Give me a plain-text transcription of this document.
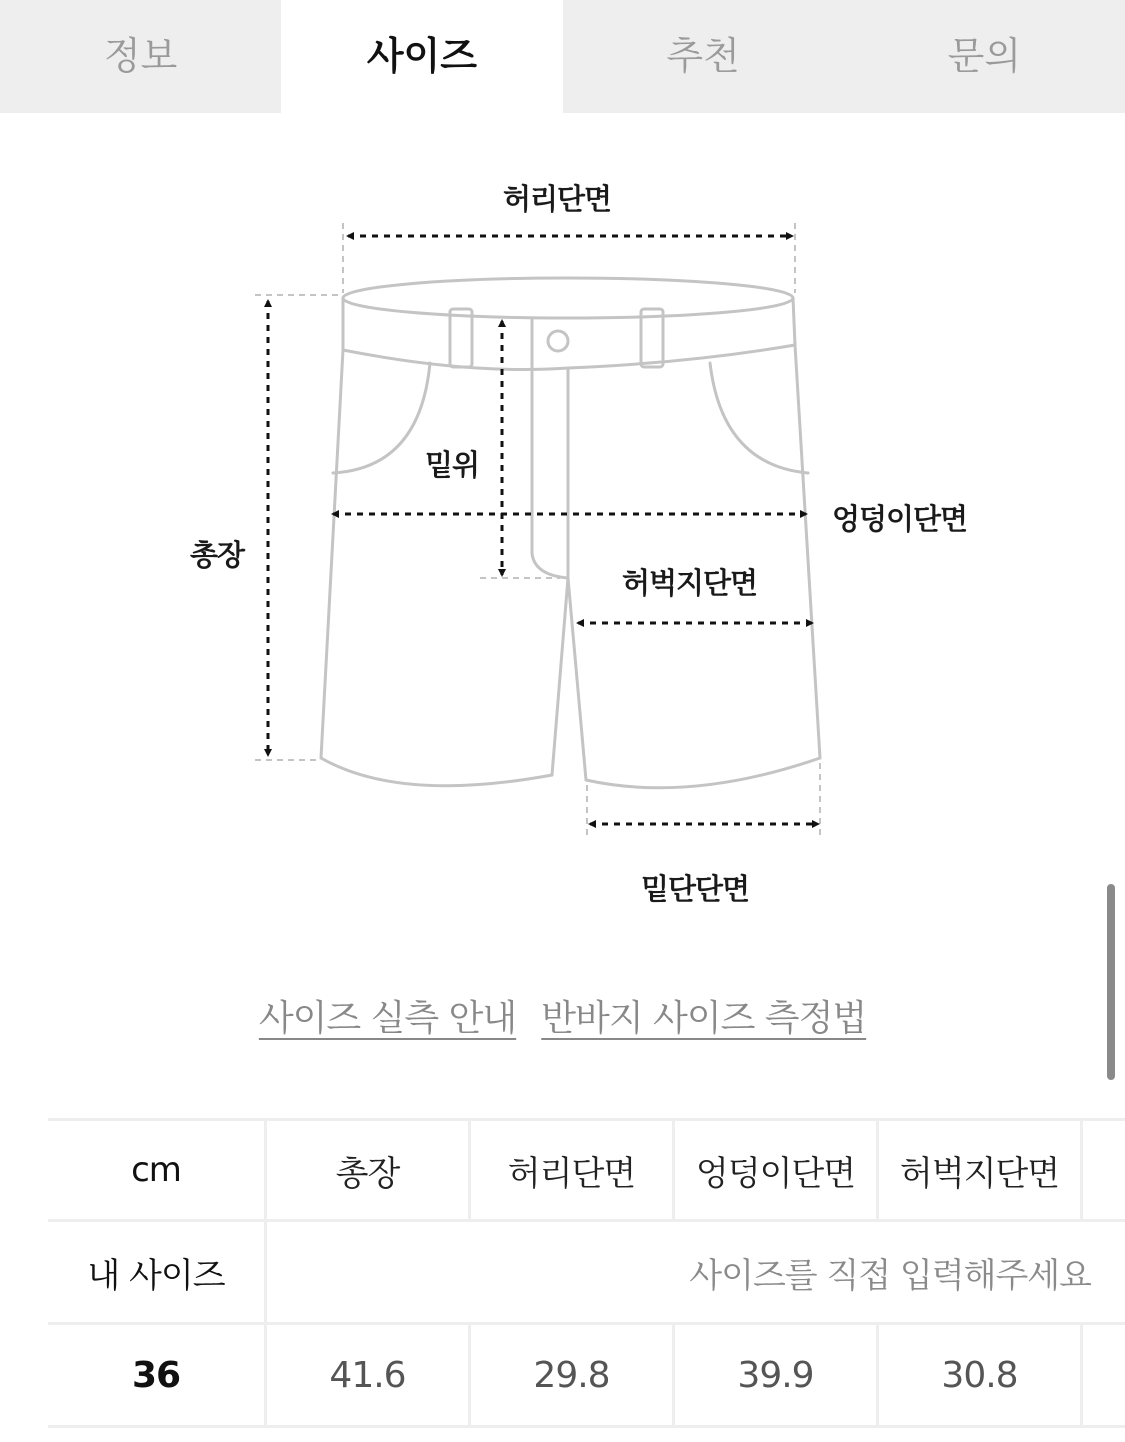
정보	사이즈	추천	문의
허리단면
밑위
총장
엉덩이단면
허벅지단면
밑단단면
사이즈 실측 안내 반바지 사이즈 측정법
cm	총장	허리단면	엉덩이단면	허벅지단면
내 사이즈	사이즈를 직접 입력해주세요
36	41.6	29.8	39.9	30.8
